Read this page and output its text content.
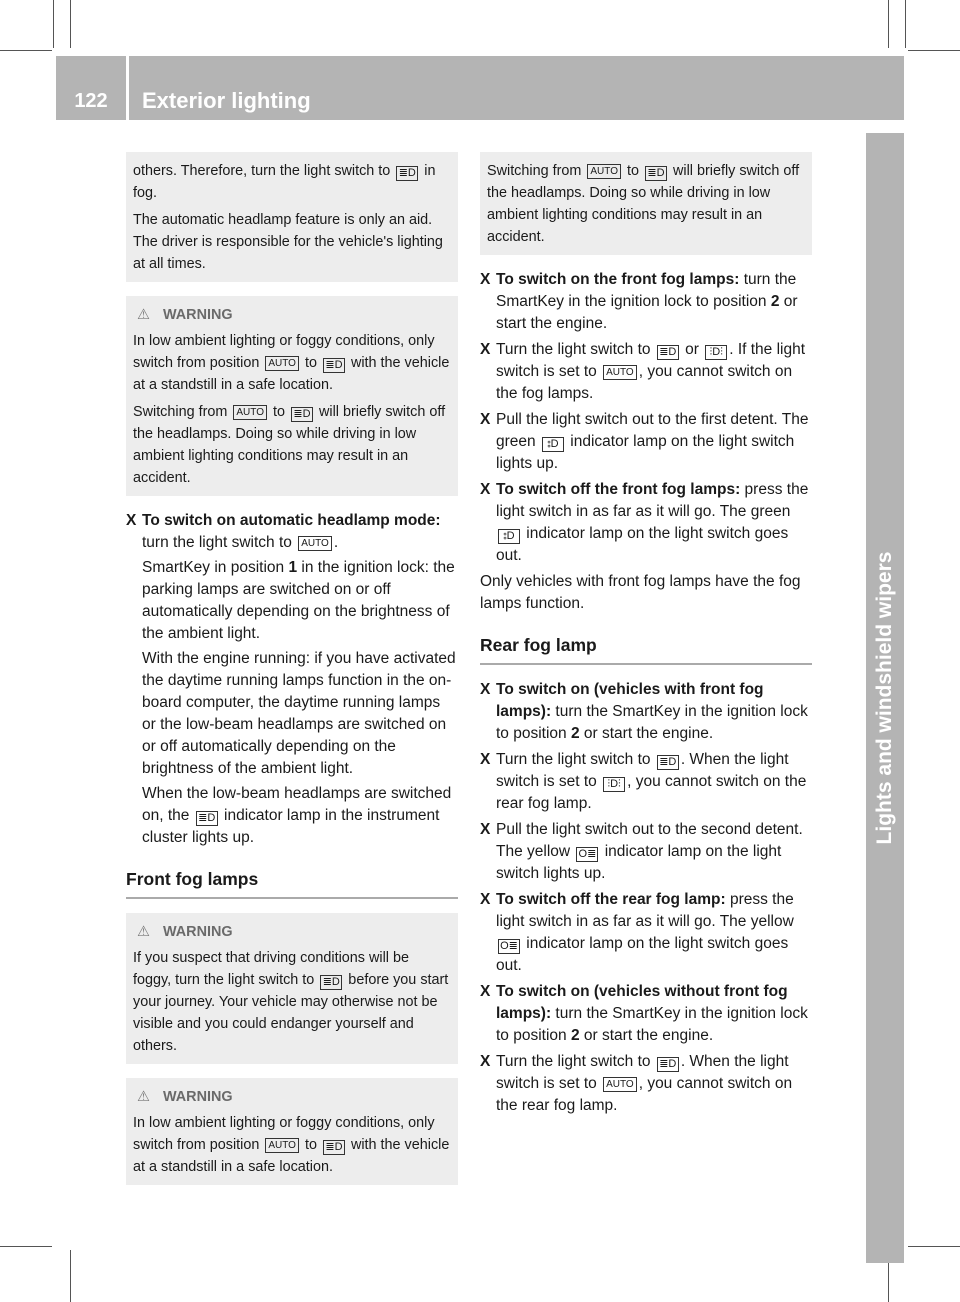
122	Exterior lighting
Lights and windshield wipers

others. Therefore, turn the light switch to ≣D in fog.

The automatic headlamp feature is only an aid. The driver is responsible for the vehicle's lighting at all times.

⚠ WARNING

In low ambient lighting or foggy conditions, only switch from position AUTO to ≣D with the vehicle at a standstill in a safe location.

Switching from AUTO to ≣D will briefly switch off the headlamps. Doing so while driving in low ambient lighting conditions may result in an accident.

X To switch on automatic headlamp mode: turn the light switch to AUTO .
SmartKey in position 1 in the ignition lock: the parking lamps are switched on or off automatically depending on the brightness of the ambient light.
With the engine running: if you have activated the daytime running lamps function in the on-board computer, the daytime running lamps or the low-beam headlamps are switched on or off automatically depending on the brightness of the ambient light.
When the low-beam headlamps are switched on, the ≣D indicator lamp in the instrument cluster lights up.
Front fog lamps
⚠ WARNING

If you suspect that driving conditions will be foggy, turn the light switch to ≣D before you start your journey. Your vehicle may otherwise not be visible and you could endanger yourself and others.

⚠ WARNING

In low ambient lighting or foggy conditions, only switch from position AUTO to ≣D with the vehicle at a standstill in a safe location.

Switching from AUTO to ≣D will briefly switch off the headlamps. Doing so while driving in low ambient lighting conditions may result in an accident.

X To switch on the front fog lamps: turn the SmartKey in the ignition lock to position 2 or start the engine.
X Turn the light switch to ≣D or ⫶D⫶ . If the light switch is set to AUTO , you cannot switch on the fog lamps.
X Pull the light switch out to the first detent. The green ⦂D indicator lamp on the light switch lights up.
X To switch off the front fog lamps: press the light switch in as far as it will go. The green ⦂D indicator lamp on the light switch goes out.
Only vehicles with front fog lamps have the fog lamps function.
Rear fog lamp
X To switch on (vehicles with front fog lamps): turn the SmartKey in the ignition lock to position 2 or start the engine.
X Turn the light switch to ≣D . When the light switch is set to ⫶D⫶ , you cannot switch on the rear fog lamp.
X Pull the light switch out to the second detent. The yellow O≣ indicator lamp on the light switch lights up.
X To switch off the rear fog lamp: press the light switch in as far as it will go. The yellow O≣ indicator lamp on the light switch goes out.
X To switch on (vehicles without front fog lamps): turn the SmartKey in the ignition lock to position 2 or start the engine.
X Turn the light switch to ≣D . When the light switch is set to AUTO , you cannot switch on the rear fog lamp.
